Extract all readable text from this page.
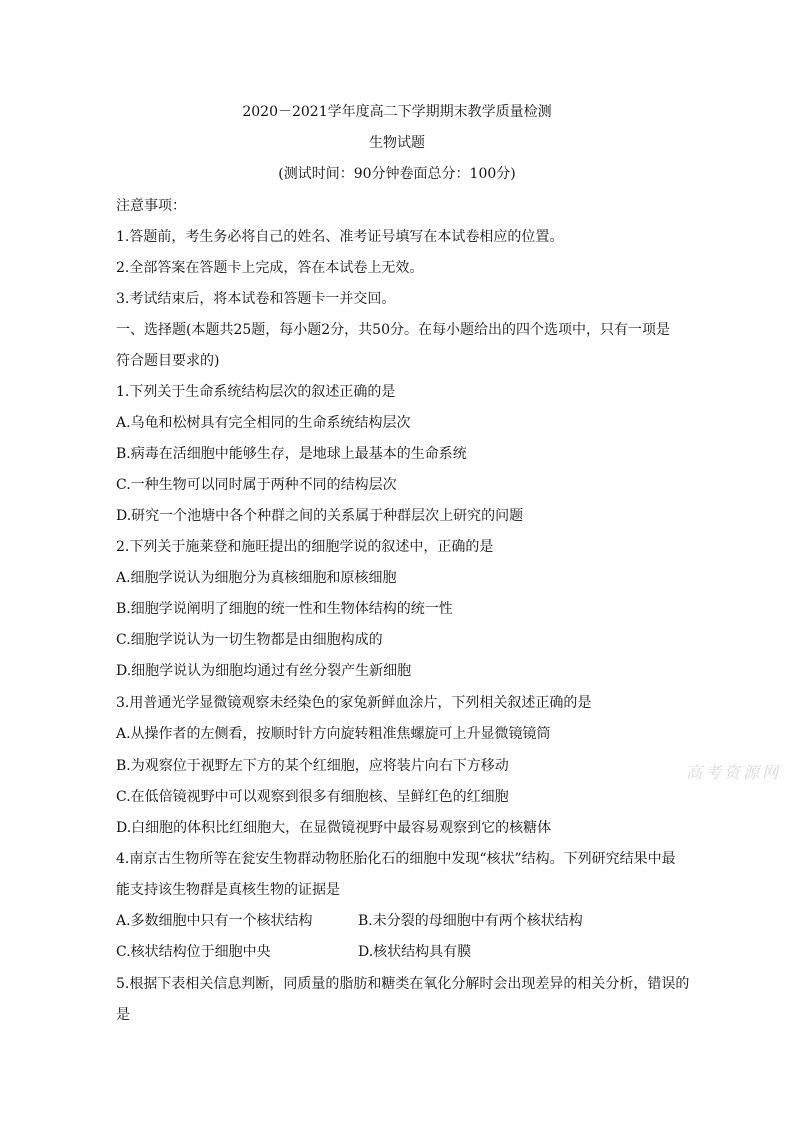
2020－2021学年度高二下学期期末教学质量检测
生物试题
(测试时间：90分钟卷面总分：100分)
注意事项：
1.答题前，考生务必将自己的姓名、准考证号填写在本试卷相应的位置。
2.全部答案在答题卡上完成，答在本试卷上无效。
3.考试结束后，将本试卷和答题卡一并交回。
一、选择题(本题共25题，每小题2分，共50分。在每小题给出的四个选项中，只有一项是
符合题目要求的)
1.下列关于生命系统结构层次的叙述正确的是
A.乌龟和松树具有完全相同的生命系统结构层次
B.病毒在活细胞中能够生存，是地球上最基本的生命系统
C.一种生物可以同时属于两种不同的结构层次
D.研究一个池塘中各个种群之间的关系属于种群层次上研究的问题
2.下列关于施莱登和施旺提出的细胞学说的叙述中，正确的是
A.细胞学说认为细胞分为真核细胞和原核细胞
B.细胞学说阐明了细胞的统一性和生物体结构的统一性
C.细胞学说认为一切生物都是由细胞构成的
D.细胞学说认为细胞均通过有丝分裂产生新细胞
3.用普通光学显微镜观察未经染色的家兔新鲜血涂片，下列相关叙述正确的是
A.从操作者的左侧看，按顺时针方向旋转粗准焦螺旋可上升显微镜镜筒
B.为观察位于视野左下方的某个红细胞，应将装片向右下方移动
C.在低倍镜视野中可以观察到很多有细胞核、呈鲜红色的红细胞
D.白细胞的体积比红细胞大，在显微镜视野中最容易观察到它的核糖体
4.南京古生物所等在瓮安生物群动物胚胎化石的细胞中发现“核状”结构。下列研究结果中最
能支持该生物群是真核生物的证据是
A.多数细胞中只有一个核状结构	B.未分裂的母细胞中有两个核状结构
C.核状结构位于细胞中央	D.核状结构具有膜
5.根据下表相关信息判断，同质量的脂肪和糖类在氧化分解时会出现差异的相关分析，错误的
是
高考资源网
